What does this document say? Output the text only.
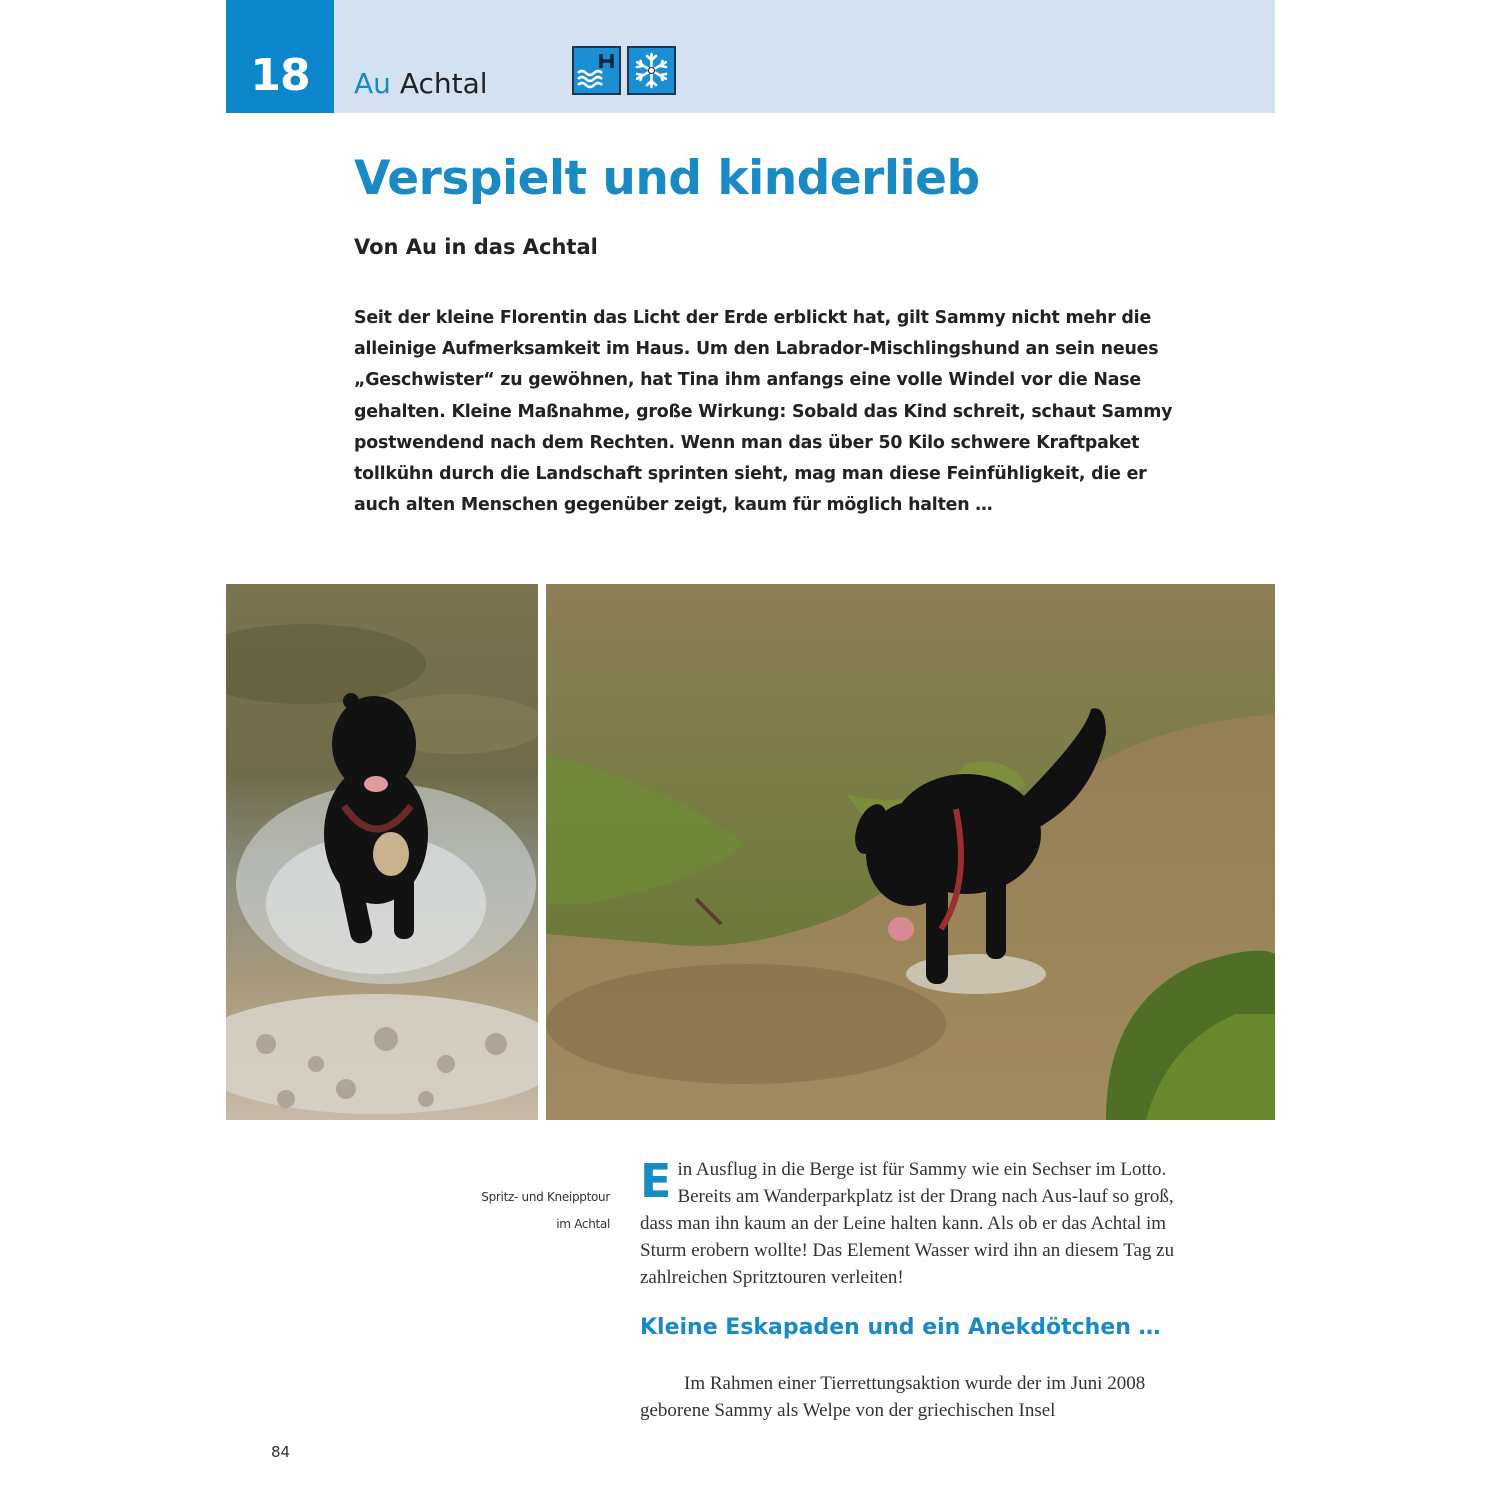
18	Au Achtal
Verspielt und kinderlieb
Von Au in das Achtal

Seit der kleine Florentin das Licht der Erde erblickt hat, gilt Sammy nicht mehr die alleinige Aufmerksamkeit im Haus. Um den Labrador-Mischlingshund an sein neues „Geschwister“ zu gewöhnen, hat Tina ihm anfangs eine volle Windel vor die Nase gehalten. Kleine Maßnahme, große Wirkung: Sobald das Kind schreit, schaut Sammy postwendend nach dem Rechten. Wenn man das über 50 Kilo schwere Kraftpaket tollkühn durch die Landschaft sprinten sieht, mag man diese Feinfühligkeit, die er auch alten Menschen gegenüber zeigt, kaum für möglich halten …

Spritz- und Kneipptour
im Achtal

Ein Ausflug in die Berge ist für Sammy wie ein Sechser im Lotto. Bereits am Wanderparkplatz ist der Drang nach Aus-lauf so groß, dass man ihn kaum an der Leine halten kann. Als ob er das Achtal im Sturm erobern wollte! Das Element Wasser wird ihn an diesem Tag zu zahlreichen Spritztouren verleiten!

Kleine Eskapaden und ein Anekdötchen …

Im Rahmen einer Tierrettungsaktion wurde der im Juni 2008 geborene Sammy als Welpe von der griechischen Insel

84
